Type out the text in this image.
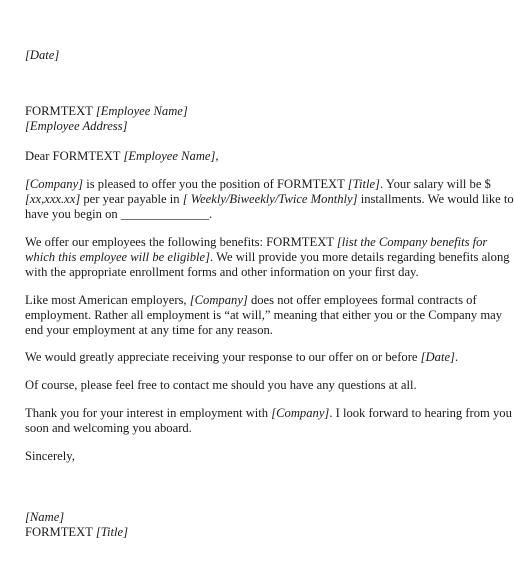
[Date]
FORMTEXT [Employee Name]
[Employee Address]
Dear FORMTEXT [Employee Name],
[Company] is pleased to offer you the position of FORMTEXT [Title]. Your salary will be $
[xx,xxx.xx] per year payable in [ Weekly/Biweekly/Twice Monthly] installments. We would like to
have you begin on ______________.
We offer our employees the following benefits: FORMTEXT [list the Company benefits for
which this employee will be eligible]. We will provide you more details regarding benefits along
with the appropriate enrollment forms and other information on your first day.
Like most American employers, [Company] does not offer employees formal contracts of
employment. Rather all employment is “at will,” meaning that either you or the Company may
end your employment at any time for any reason.
We would greatly appreciate receiving your response to our offer on or before [Date].
Of course, please feel free to contact me should you have any questions at all.
Thank you for your interest in employment with [Company]. I look forward to hearing from you
soon and welcoming you aboard.
Sincerely,
[Name]
FORMTEXT [Title]
